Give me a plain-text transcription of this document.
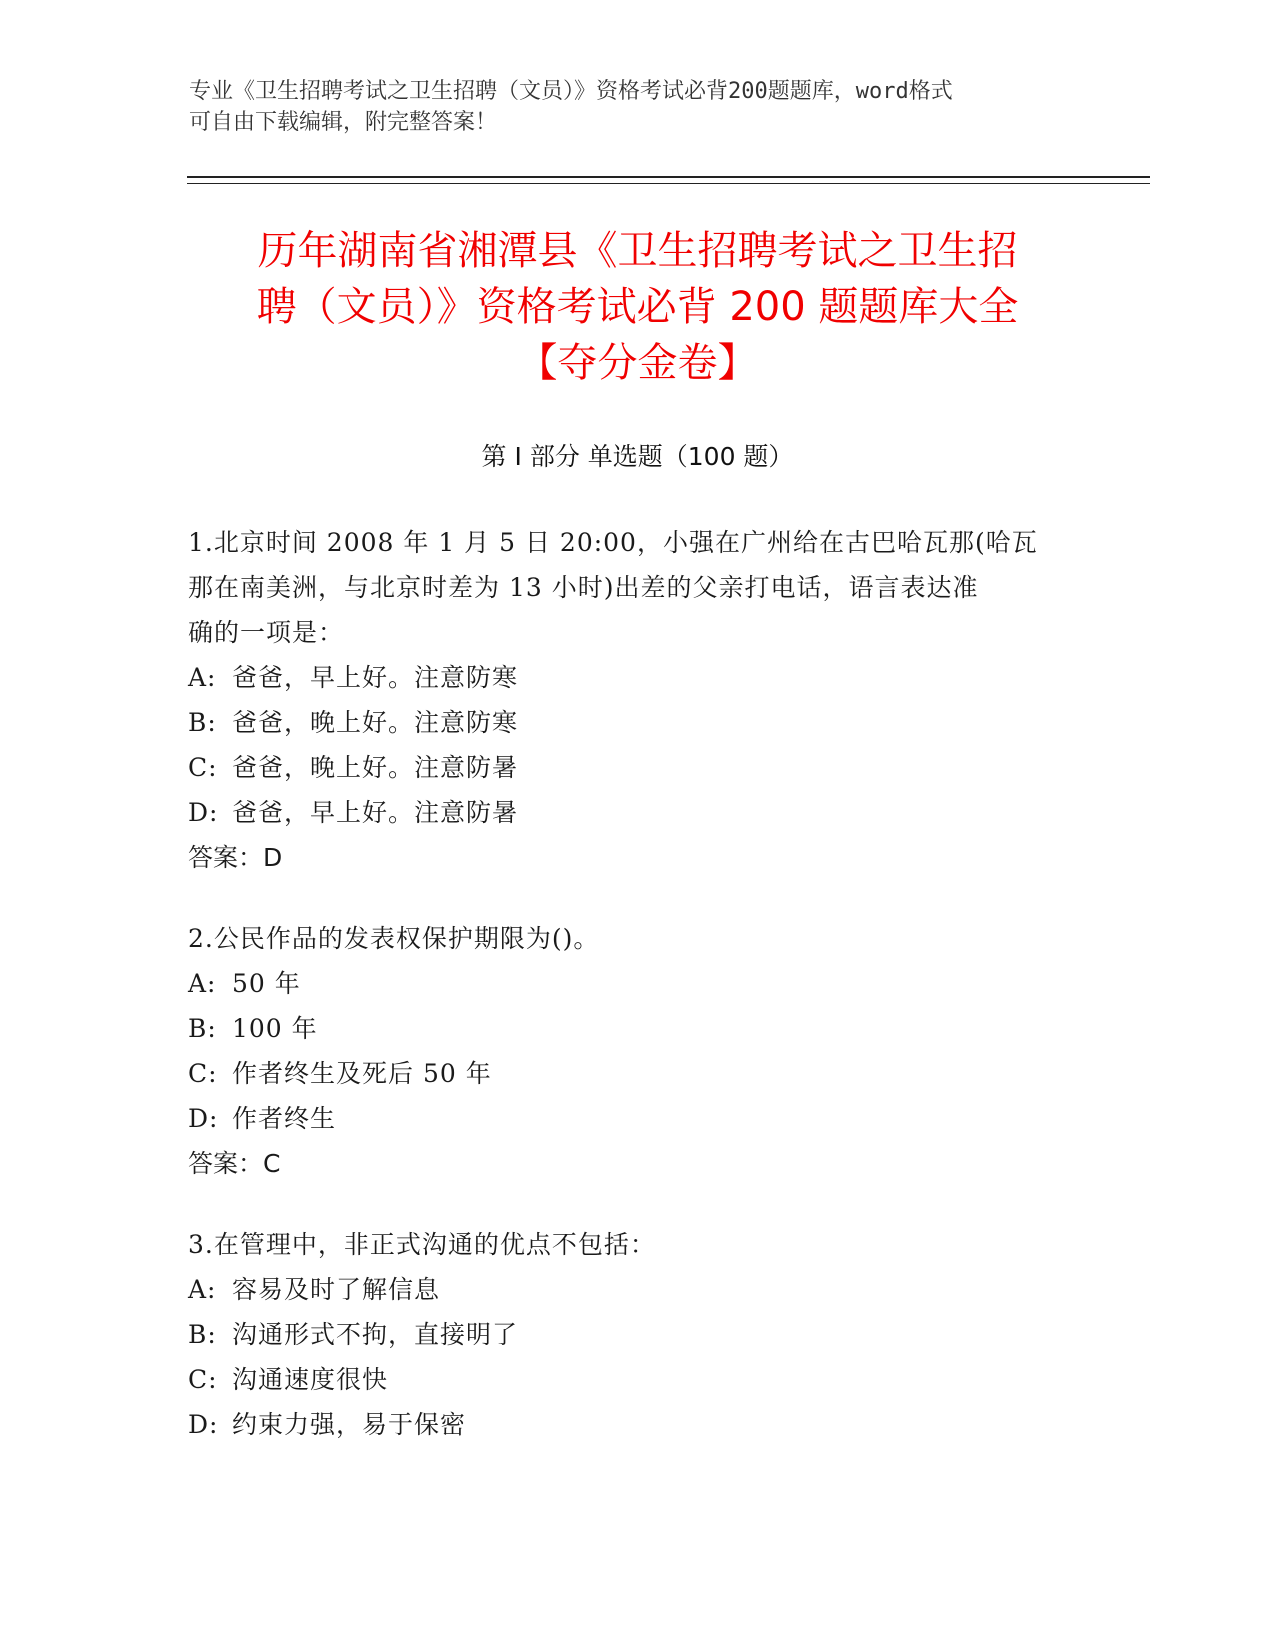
专业《卫生招聘考试之卫生招聘（文员）》资格考试必背200题题库，word格式
可自由下载编辑，附完整答案！
历年湖南省湘潭县《卫生招聘考试之卫生招
聘（文员）》资格考试必背 200 题题库大全
【夺分金卷】
第 I 部分 单选题（100 题）
1.北京时间 2008 年 1 月 5 日 20:00，小强在广州给在古巴哈瓦那(哈瓦
那在南美洲，与北京时差为 13 小时)出差的父亲打电话，语言表达准
确的一项是：
A: 爸爸，早上好。注意防寒
B: 爸爸，晚上好。注意防寒
C: 爸爸，晚上好。注意防暑
D: 爸爸，早上好。注意防暑
答案：D
2.公民作品的发表权保护期限为()。
A: 50 年
B: 100 年
C: 作者终生及死后 50 年
D: 作者终生
答案：C
3.在管理中，非正式沟通的优点不包括：
A: 容易及时了解信息
B: 沟通形式不拘，直接明了
C: 沟通速度很快
D: 约束力强，易于保密
